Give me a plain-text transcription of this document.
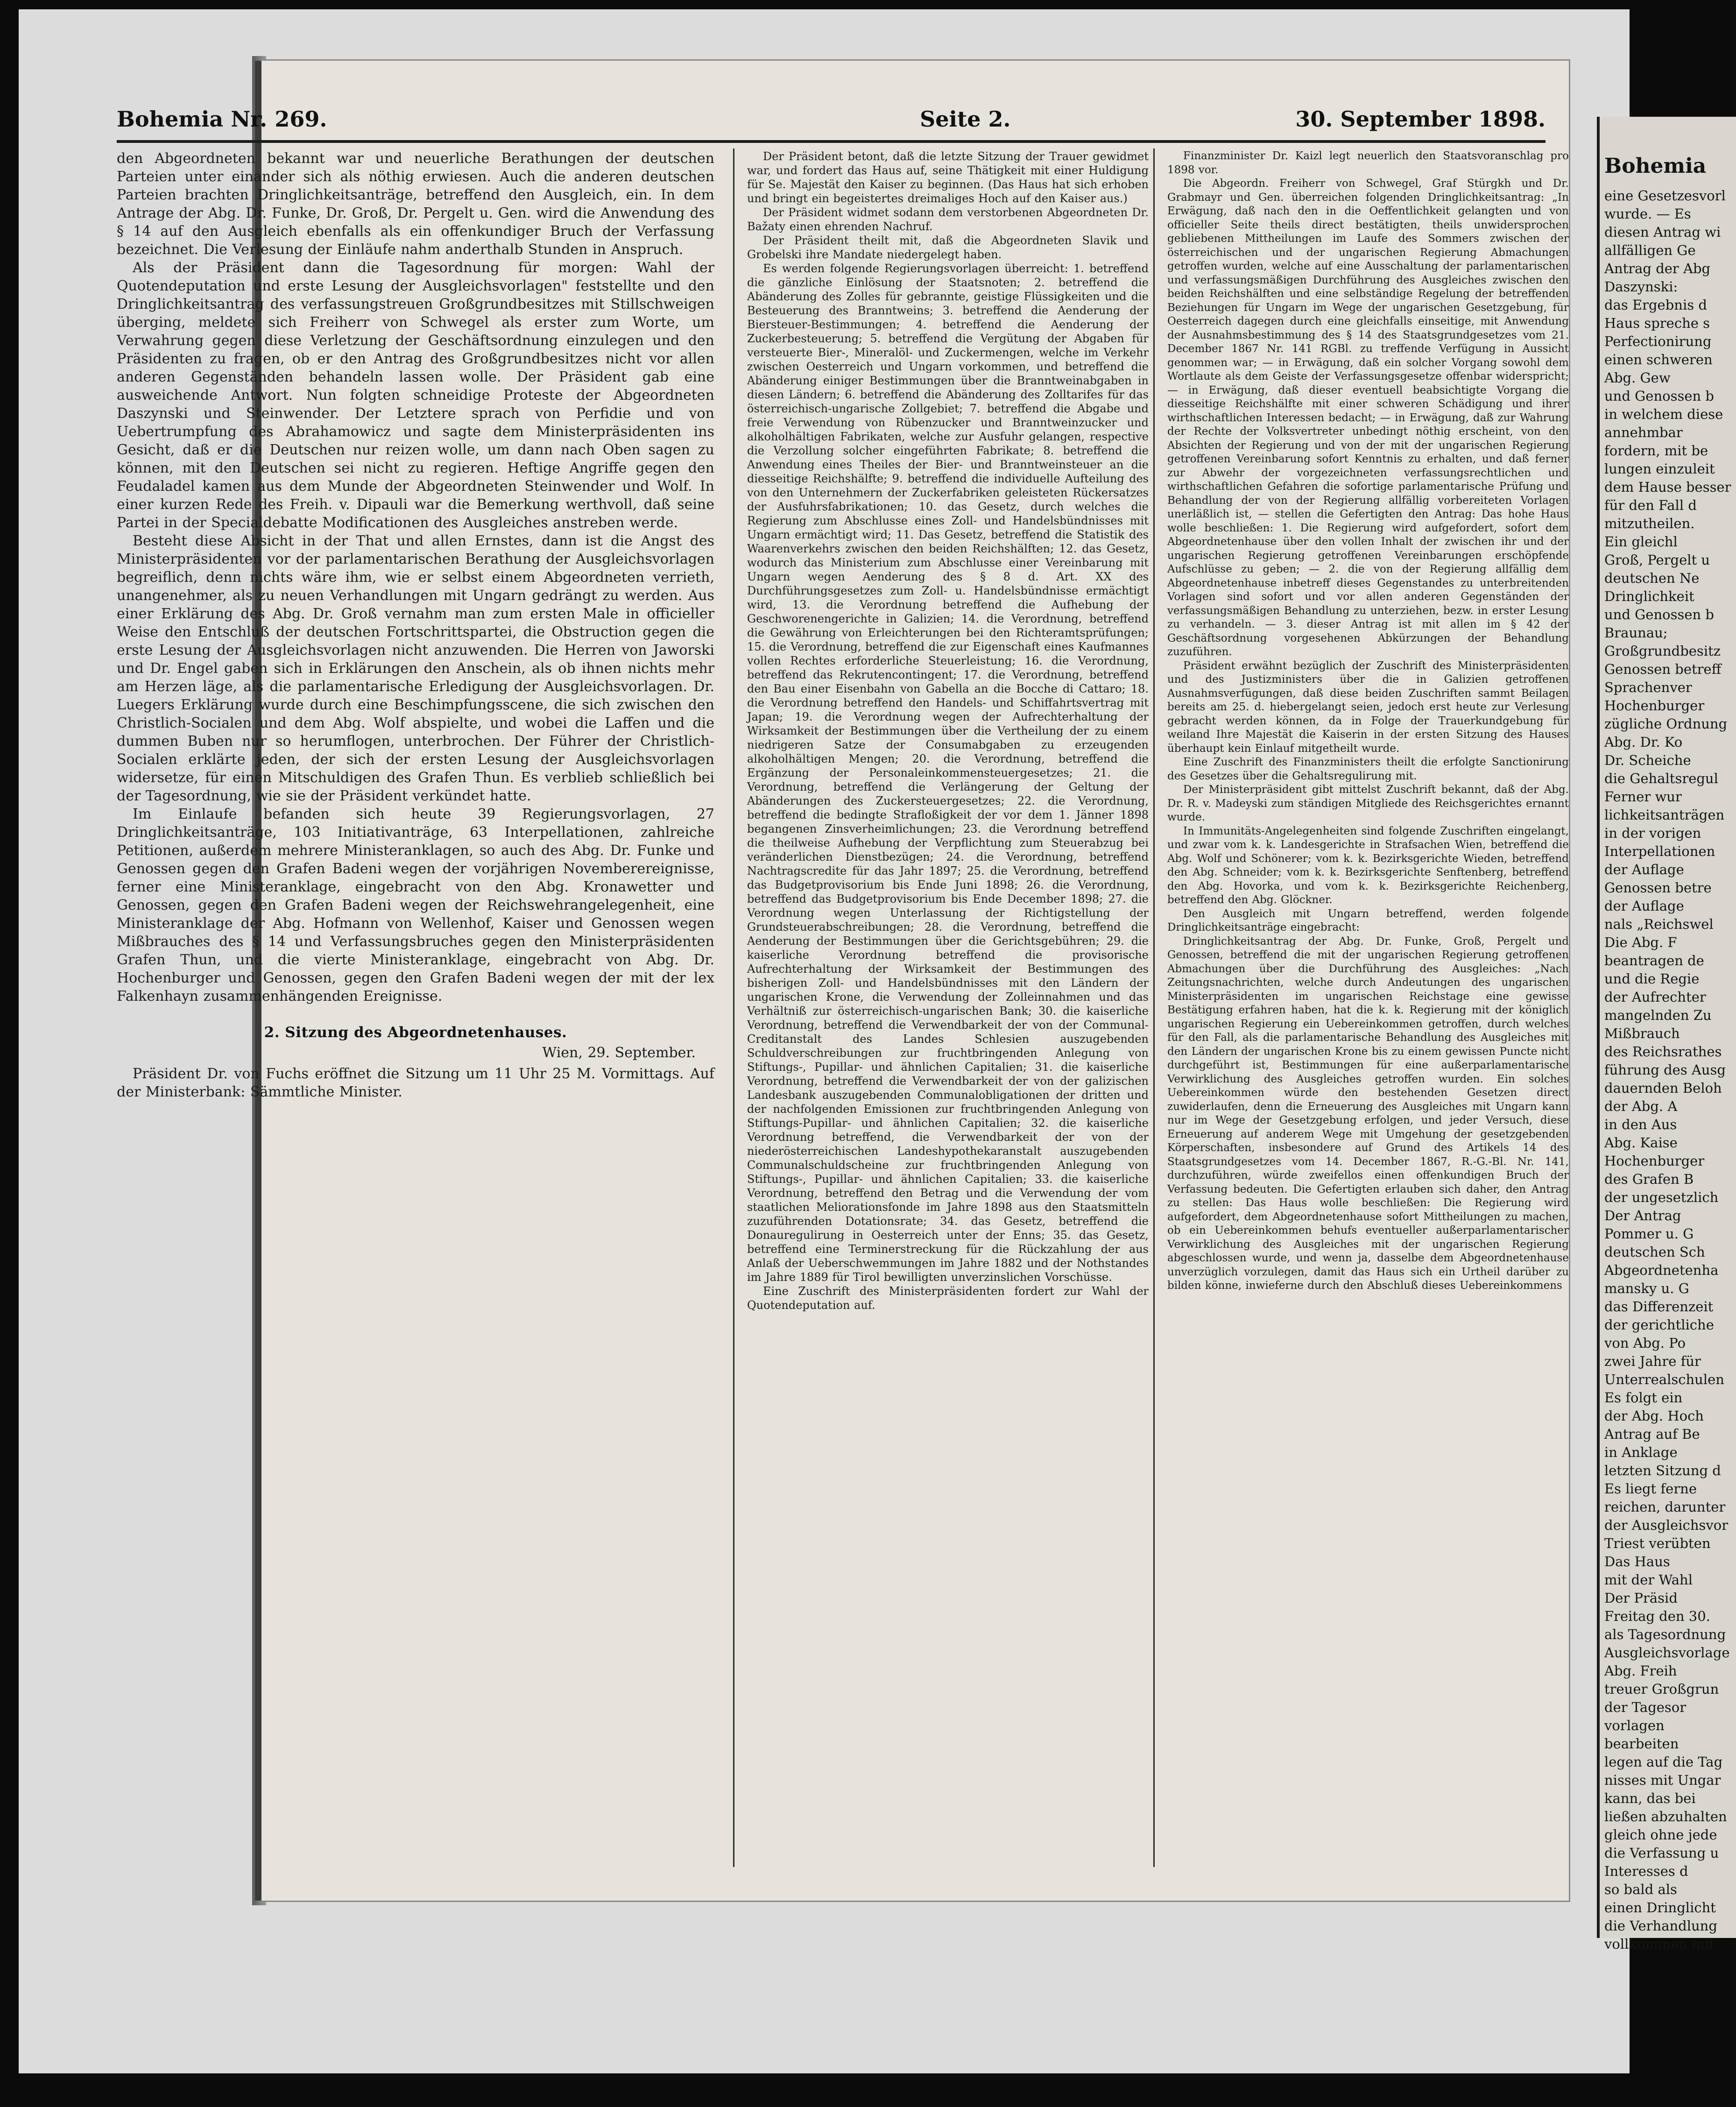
Bohemia Nr. 269.	Seite 2.	30. September 1898.

den Abgeordneten bekannt war und neuerliche Berathungen der deutschen Parteien unter einander sich als nöthig erwiesen. Auch die anderen deutschen Parteien brachten Dringlichkeitsanträge, betreffend den Ausgleich, ein. In dem Antrage der Abg. Dr. Funke, Dr. Groß, Dr. Pergelt u. Gen. wird die Anwendung des § 14 auf den Ausgleich ebenfalls als ein offenkundiger Bruch der Verfassung bezeichnet. Die Verlesung der Einläufe nahm anderthalb Stunden in Anspruch.

Als der Präsident dann die Tagesordnung für morgen: Wahl der Quotendeputation und erste Lesung der Ausgleichsvorlagen" feststellte und den Dringlichkeitsantrag des verfassungstreuen Großgrundbesitzes mit Stillschweigen überging, meldete sich Freiherr von Schwegel als erster zum Worte, um Verwahrung gegen diese Verletzung der Geschäftsordnung einzulegen und den Präsidenten zu fragen, ob er den Antrag des Großgrundbesitzes nicht vor allen anderen Gegenständen behandeln lassen wolle. Der Präsident gab eine ausweichende Antwort. Nun folgten schneidige Proteste der Abgeordneten Daszynski und Steinwender. Der Letztere sprach von Perfidie und von Uebertrumpfung des Abrahamowicz und sagte dem Ministerpräsidenten ins Gesicht, daß er die Deutschen nur reizen wolle, um dann nach Oben sagen zu können, mit den Deutschen sei nicht zu regieren. Heftige Angriffe gegen den Feudaladel kamen aus dem Munde der Abgeordneten Steinwender und Wolf. In einer kurzen Rede des Freih. v. Dipauli war die Bemerkung werthvoll, daß seine Partei in der Specialdebatte Modificationen des Ausgleiches anstreben werde.

Besteht diese Absicht in der That und allen Ernstes, dann ist die Angst des Ministerpräsidenten vor der parlamentarischen Berathung der Ausgleichsvorlagen begreiflich, denn nichts wäre ihm, wie er selbst einem Abgeordneten verrieth, unangenehmer, als zu neuen Verhandlungen mit Ungarn gedrängt zu werden. Aus einer Erklärung des Abg. Dr. Groß vernahm man zum ersten Male in officieller Weise den Entschluß der deutschen Fortschrittspartei, die Obstruction gegen die erste Lesung der Ausgleichsvorlagen nicht anzuwenden. Die Herren von Jaworski und Dr. Engel gaben sich in Erklärungen den Anschein, als ob ihnen nichts mehr am Herzen läge, als die parlamentarische Erledigung der Ausgleichsvorlagen. Dr. Luegers Erklärung wurde durch eine Beschimpfungsscene, die sich zwischen den Christlich-Socialen und dem Abg. Wolf abspielte, und wobei die Laffen und die dummen Buben nur so herumflogen, unterbrochen. Der Führer der Christlich-Socialen erklärte jeden, der sich der ersten Lesung der Ausgleichsvorlagen widersetze, für einen Mitschuldigen des Grafen Thun. Es verblieb schließlich bei der Tagesordnung, wie sie der Präsident verkündet hatte.

Im Einlaufe befanden sich heute 39 Regierungsvorlagen, 27 Dringlichkeitsanträge, 103 Initiativanträge, 63 Interpellationen, zahlreiche Petitionen, außerdem mehrere Ministeranklagen, so auch des Abg. Dr. Funke und Genossen gegen den Grafen Badeni wegen der vorjährigen Novemberereignisse, ferner eine Ministeranklage, eingebracht von den Abg. Kronawetter und Genossen, gegen den Grafen Badeni wegen der Reichswehrangelegenheit, eine Ministeranklage der Abg. Hofmann von Wellenhof, Kaiser und Genossen wegen Mißbrauches des § 14 und Verfassungsbruches gegen den Ministerpräsidenten Grafen Thun, und die vierte Ministeranklage, eingebracht von Abg. Dr. Hochenburger und Genossen, gegen den Grafen Badeni wegen der mit der lex Falkenhayn zusammenhängenden Ereignisse.

2. Sitzung des Abgeordnetenhauses.
Wien, 29. September.

Präsident Dr. von Fuchs eröffnet die Sitzung um 11 Uhr 25 M. Vormittags. Auf der Ministerbank: Sämmtliche Minister.

Der Präsident betont, daß die letzte Sitzung der Trauer gewidmet war, und fordert das Haus auf, seine Thätigkeit mit einer Huldigung für Se. Majestät den Kaiser zu beginnen. (Das Haus hat sich erhoben und bringt ein begeistertes dreimaliges Hoch auf den Kaiser aus.)

Der Präsident widmet sodann dem verstorbenen Abgeordneten Dr. Bažaty einen ehrenden Nachruf.

Der Präsident theilt mit, daß die Abgeordneten Slavik und Grobelski ihre Mandate niedergelegt haben.

Es werden folgende Regierungsvorlagen überreicht: 1. betreffend die gänzliche Einlösung der Staatsnoten; 2. betreffend die Abänderung des Zolles für gebrannte, geistige Flüssigkeiten und die Besteuerung des Branntweins; 3. betreffend die Aenderung der Biersteuer-Bestimmungen; 4. betreffend die Aenderung der Zuckerbesteuerung; 5. betreffend die Vergütung der Abgaben für versteuerte Bier-, Mineralöl- und Zuckermengen, welche im Verkehr zwischen Oesterreich und Ungarn vorkommen, und betreffend die Abänderung einiger Bestimmungen über die Branntweinabgaben in diesen Ländern; 6. betreffend die Abänderung des Zolltarifes für das österreichisch-ungarische Zollgebiet; 7. betreffend die Abgabe und freie Verwendung von Rübenzucker und Branntweinzucker und alkoholhältigen Fabrikaten, welche zur Ausfuhr gelangen, respective die Verzollung solcher eingeführten Fabrikate; 8. betreffend die Anwendung eines Theiles der Bier- und Branntweinsteuer an die diesseitige Reichshälfte; 9. betreffend die individuelle Aufteilung des von den Unternehmern der Zuckerfabriken geleisteten Rückersatzes der Ausfuhrsfabrikationen; 10. das Gesetz, durch welches die Regierung zum Abschlusse eines Zoll- und Handelsbündnisses mit Ungarn ermächtigt wird; 11. Das Gesetz, betreffend die Statistik des Waarenverkehrs zwischen den beiden Reichshälften; 12. das Gesetz, wodurch das Ministerium zum Abschlusse einer Vereinbarung mit Ungarn wegen Aenderung des § 8 d. Art. XX des Durchführungsgesetzes zum Zoll- u. Handelsbündnisse ermächtigt wird, 13. die Verordnung betreffend die Aufhebung der Geschworenengerichte in Galizien; 14. die Verordnung, betreffend die Gewährung von Erleichterungen bei den Richteramtsprüfungen; 15. die Verordnung, betreffend die zur Eigenschaft eines Kaufmannes vollen Rechtes erforderliche Steuerleistung; 16. die Verordnung, betreffend das Rekrutencontingent; 17. die Verordnung, betreffend den Bau einer Eisenbahn von Gabella an die Bocche di Cattaro; 18. die Verordnung betreffend den Handels- und Schiffahrtsvertrag mit Japan; 19. die Verordnung wegen der Aufrechterhaltung der Wirksamkeit der Bestimmungen über die Vertheilung der zu einem niedrigeren Satze der Consumabgaben zu erzeugenden alkoholhältigen Mengen; 20. die Verordnung, betreffend die Ergänzung der Personaleinkommensteuergesetzes; 21. die Verordnung, betreffend die Verlängerung der Geltung der Abänderungen des Zuckersteuergesetzes; 22. die Verordnung, betreffend die bedingte Strafloßigkeit der vor dem 1. Jänner 1898 begangenen Zinsverheimlichungen; 23. die Verordnung betreffend die theilweise Aufhebung der Verpflichtung zum Steuerabzug bei veränderlichen Dienstbezügen; 24. die Verordnung, betreffend Nachtragscredite für das Jahr 1897; 25. die Verordnung, betreffend das Budgetprovisorium bis Ende Juni 1898; 26. die Verordnung, betreffend das Budgetprovisorium bis Ende December 1898; 27. die Verordnung wegen Unterlassung der Richtigstellung der Grundsteuerabschreibungen; 28. die Verordnung, betreffend die Aenderung der Bestimmungen über die Gerichtsgebühren; 29. die kaiserliche Verordnung betreffend die provisorische Aufrechterhaltung der Wirksamkeit der Bestimmungen des bisherigen Zoll- und Handelsbündnisses mit den Ländern der ungarischen Krone, die Verwendung der Zolleinnahmen und das Verhältniß zur österreichisch-ungarischen Bank; 30. die kaiserliche Verordnung, betreffend die Verwendbarkeit der von der Communal-Creditanstalt des Landes Schlesien auszugebenden Schuldverschreibungen zur fruchtbringenden Anlegung von Stiftungs-, Pupillar- und ähnlichen Capitalien; 31. die kaiserliche Verordnung, betreffend die Verwendbarkeit der von der galizischen Landesbank auszugebenden Communalobligationen der dritten und der nachfolgenden Emissionen zur fruchtbringenden Anlegung von Stiftungs-Pupillar- und ähnlichen Capitalien; 32. die kaiserliche Verordnung betreffend, die Verwendbarkeit der von der niederösterreichischen Landeshypothekaranstalt auszugebenden Communalschuldscheine zur fruchtbringenden Anlegung von Stiftungs-, Pupillar- und ähnlichen Capitalien; 33. die kaiserliche Verordnung, betreffend den Betrag und die Verwendung der vom staatlichen Meliorationsfonde im Jahre 1898 aus den Staatsmitteln zuzuführenden Dotationsrate; 34. das Gesetz, betreffend die Donauregulirung in Oesterreich unter der Enns; 35. das Gesetz, betreffend eine Terminerstreckung für die Rückzahlung der aus Anlaß der Ueberschwemmungen im Jahre 1882 und der Nothstandes im Jahre 1889 für Tirol bewilligten unverzinslichen Vorschüsse.

Eine Zuschrift des Ministerpräsidenten fordert zur Wahl der Quotendeputation auf.

Finanzminister Dr. Kaizl legt neuerlich den Staatsvoranschlag pro 1898 vor.

Die Abgeordn. Freiherr von Schwegel, Graf Stürgkh und Dr. Grabmayr und Gen. überreichen folgenden Dringlichkeitsantrag: „In Erwägung, daß nach den in die Oeffentlichkeit gelangten und von officieller Seite theils direct bestätigten, theils unwidersprochen gebliebenen Mittheilungen im Laufe des Sommers zwischen der österreichischen und der ungarischen Regierung Abmachungen getroffen wurden, welche auf eine Ausschaltung der parlamentarischen und verfassungsmäßigen Durchführung des Ausgleiches zwischen den beiden Reichshälften und eine selbständige Regelung der betreffenden Beziehungen für Ungarn im Wege der ungarischen Gesetzgebung, für Oesterreich dagegen durch eine gleichfalls einseitige, mit Anwendung der Ausnahmsbestimmung des § 14 des Staatsgrundgesetzes vom 21. December 1867 Nr. 141 RGBl. zu treffende Verfügung in Aussicht genommen war; — in Erwägung, daß ein solcher Vorgang sowohl dem Wortlaute als dem Geiste der Verfassungsgesetze offenbar widerspricht; — in Erwägung, daß dieser eventuell beabsichtigte Vorgang die diesseitige Reichshälfte mit einer schweren Schädigung und ihrer wirthschaftlichen Interessen bedacht; — in Erwägung, daß zur Wahrung der Rechte der Volksvertreter unbedingt nöthig erscheint, von den Absichten der Regierung und von der mit der ungarischen Regierung getroffenen Vereinbarung sofort Kenntnis zu erhalten, und daß ferner zur Abwehr der vorgezeichneten verfassungsrechtlichen und wirthschaftlichen Gefahren die sofortige parlamentarische Prüfung und Behandlung der von der Regierung allfällig vorbereiteten Vorlagen unerläßlich ist, — stellen die Gefertigten den Antrag: Das hohe Haus wolle beschließen: 1. Die Regierung wird aufgefordert, sofort dem Abgeordnetenhause über den vollen Inhalt der zwischen ihr und der ungarischen Regierung getroffenen Vereinbarungen erschöpfende Aufschlüsse zu geben; — 2. die von der Regierung allfällig dem Abgeordnetenhause inbetreff dieses Gegenstandes zu unterbreitenden Vorlagen sind sofort und vor allen anderen Gegenständen der verfassungsmäßigen Behandlung zu unterziehen, bezw. in erster Lesung zu verhandeln. — 3. dieser Antrag ist mit allen im § 42 der Geschäftsordnung vorgesehenen Abkürzungen der Behandlung zuzuführen.

Präsident erwähnt bezüglich der Zuschrift des Ministerpräsidenten und des Justizministers über die in Galizien getroffenen Ausnahmsverfügungen, daß diese beiden Zuschriften sammt Beilagen bereits am 25. d. hiebergelangt seien, jedoch erst heute zur Verlesung gebracht werden können, da in Folge der Trauerkundgebung für weiland Ihre Majestät die Kaiserin in der ersten Sitzung des Hauses überhaupt kein Einlauf mitgetheilt wurde.

Eine Zuschrift des Finanzministers theilt die erfolgte Sanctionirung des Gesetzes über die Gehaltsregulirung mit.

Der Ministerpräsident gibt mittelst Zuschrift bekannt, daß der Abg. Dr. R. v. Madeyski zum ständigen Mitgliede des Reichsgerichtes ernannt wurde.

In Immunitäts-Angelegenheiten sind folgende Zuschriften eingelangt, und zwar vom k. k. Landesgerichte in Strafsachen Wien, betreffend die Abg. Wolf und Schönerer; vom k. k. Bezirksgerichte Wieden, betreffend den Abg. Schneider; vom k. k. Bezirksgerichte Senftenberg, betreffend den Abg. Hovorka, und vom k. k. Bezirksgerichte Reichenberg, betreffend den Abg. Glöckner.

Den Ausgleich mit Ungarn betreffend, werden folgende Dringlichkeitsanträge eingebracht:

Dringlichkeitsantrag der Abg. Dr. Funke, Groß, Pergelt und Genossen, betreffend die mit der ungarischen Regierung getroffenen Abmachungen über die Durchführung des Ausgleiches: „Nach Zeitungsnachrichten, welche durch Andeutungen des ungarischen Ministerpräsidenten im ungarischen Reichstage eine gewisse Bestätigung erfahren haben, hat die k. k. Regierung mit der königlich ungarischen Regierung ein Uebereinkommen getroffen, durch welches für den Fall, als die parlamentarische Behandlung des Ausgleiches mit den Ländern der ungarischen Krone bis zu einem gewissen Puncte nicht durchgeführt ist, Bestimmungen für eine außerparlamentarische Verwirklichung des Ausgleiches getroffen wurden. Ein solches Uebereinkommen würde den bestehenden Gesetzen direct zuwiderlaufen, denn die Erneuerung des Ausgleiches mit Ungarn kann nur im Wege der Gesetzgebung erfolgen, und jeder Versuch, diese Erneuerung auf anderem Wege mit Umgehung der gesetzgebenden Körperschaften, insbesondere auf Grund des Artikels 14 des Staatsgrundgesetzes vom 14. December 1867, R.-G.-Bl. Nr. 141, durchzuführen, würde zweifellos einen offenkundigen Bruch der Verfassung bedeuten. Die Gefertigten erlauben sich daher, den Antrag zu stellen: Das Haus wolle beschließen: Die Regierung wird aufgefordert, dem Abgeordnetenhause sofort Mittheilungen zu machen, ob ein Uebereinkommen behufs eventueller außerparlamentarischer Verwirklichung des Ausgleiches mit der ungarischen Regierung abgeschlossen wurde, und wenn ja, dasselbe dem Abgeordnetenhause unverzüglich vorzulegen, damit das Haus sich ein Urtheil darüber zu bilden könne, inwieferne durch den Abschluß dieses Uebereinkommens

Bohemia
eine Gesetzesvorl
wurde. — Es
diesen Antrag wi
allfälligen Ge
Antrag der Abg
Daszynski:
das Ergebnis d
Haus spreche s
Perfectionirung
einen schweren
Abg. Gew
und Genossen b
in welchem diese
annehmbar
fordern, mit be
lungen einzuleit
dem Hause besser
für den Fall d
mitzutheilen.
Ein gleichl
Groß, Pergelt u
deutschen Ne
Dringlichkeit
und Genossen b
Braunau;
Großgrundbesitz
Genossen betreff
Sprachenver
Hochenburger
zügliche Ordnung
Abg. Dr. Ko
Dr. Scheiche
die Gehaltsregul
Ferner wur
lichkeitsanträgen
in der vorigen
Interpellationen
der Auflage
Genossen betre
der Auflage
nals „Reichswel
Die Abg. F
beantragen de
und die Regie
der Aufrechter
mangelnden Zu
Mißbrauch
des Reichsrathes
führung des Ausg
dauernden Beloh
der Abg. A
in den Aus
Abg. Kaise
Hochenburger
des Grafen B
der ungesetzlich
Der Antrag
Pommer u. G
deutschen Sch
Abgeordnetenha
mansky u. G
das Differenzeit
der gerichtliche
von Abg. Po
zwei Jahre für
Unterrealschulen
Es folgt ein
der Abg. Hoch
Antrag auf Be
in Anklage
letzten Sitzung d
Es liegt ferne
reichen, darunter
der Ausgleichsvor
Triest verübten
Das Haus
mit der Wahl
Der Präsid
Freitag den 30.
als Tagesordnung
Ausgleichsvorlage
Abg. Freih
treuer Großgrun
der Tagesor
vorlagen
bearbeiten
legen auf die Tag
nisses mit Ungar
kann, das bei
ließen abzuhalten
gleich ohne jede
die Verfassung u
Interesses d
so bald als
einen Dringlicht
die Verhandlung
vollkommen mit
